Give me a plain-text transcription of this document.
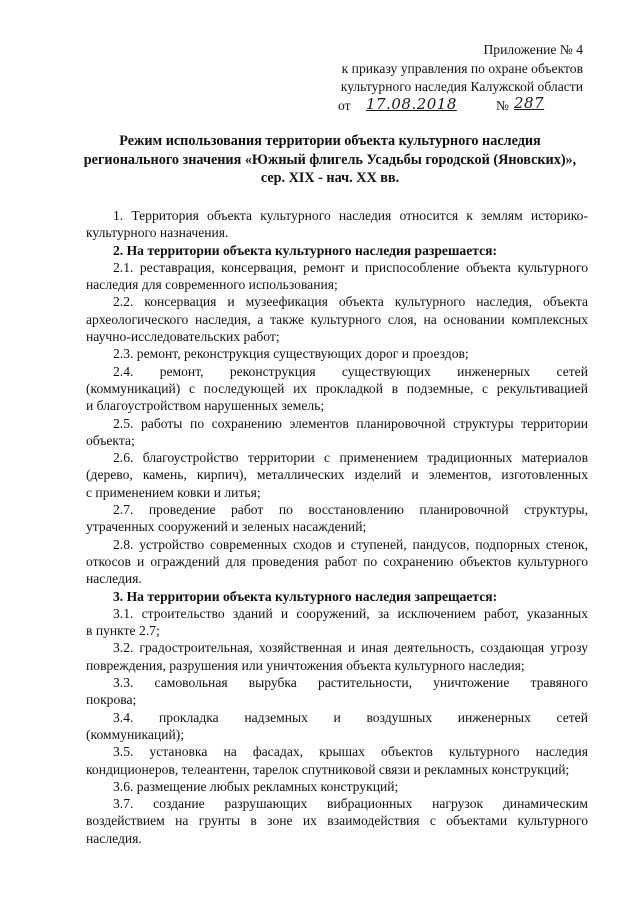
Приложение № 4
к приказу управления по охране объектов
культурного наследия Калужской области
от 17.08.2018	№ 287
Режим использования территории объекта культурного наследия
регионального значения «Южный флигель Усадьбы городской (Яновских)»,
сер. XIX - нач. XX вв.
1. Территория объекта культурного наследия относится к землям историко-
культурного назначения.
2. На территории объекта культурного наследия разрешается:
2.1. реставрация, консервация, ремонт и приспособление объекта культурного
наследия для современного использования;
2.2. консервация и музеефикация объекта культурного наследия, объекта
археологического наследия, а также культурного слоя, на основании комплексных
научно-исследовательских работ;
2.3. ремонт, реконструкция существующих дорог и проездов;
2.4. ремонт, реконструкция существующих инженерных сетей
(коммуникаций) с последующей их прокладкой в подземные, с рекультивацией
и благоустройством нарушенных земель;
2.5. работы по сохранению элементов планировочной структуры территории
объекта;
2.6. благоустройство территории с применением традиционных материалов
(дерево, камень, кирпич), металлических изделий и элементов, изготовленных
с применением ковки и литья;
2.7. проведение работ по восстановлению планировочной структуры,
утраченных сооружений и зеленых насаждений;
2.8. устройство современных сходов и ступеней, пандусов, подпорных стенок,
откосов и ограждений для проведения работ по сохранению объектов культурного
наследия.
3. На территории объекта культурного наследия запрещается:
3.1. строительство зданий и сооружений, за исключением работ, указанных
в пункте 2.7;
3.2. градостроительная, хозяйственная и иная деятельность, создающая угрозу
повреждения, разрушения или уничтожения объекта культурного наследия;
3.3. самовольная вырубка растительности, уничтожение травяного
покрова;
3.4. прокладка надземных и воздушных инженерных сетей
(коммуникаций);
3.5. установка на фасадах, крышах объектов культурного наследия
кондиционеров, телеантенн, тарелок спутниковой связи и рекламных конструкций;
3.6. размещение любых рекламных конструкций;
3.7. создание разрушающих вибрационных нагрузок динамическим
воздействием на грунты в зоне их взаимодействия с объектами культурного
наследия.
